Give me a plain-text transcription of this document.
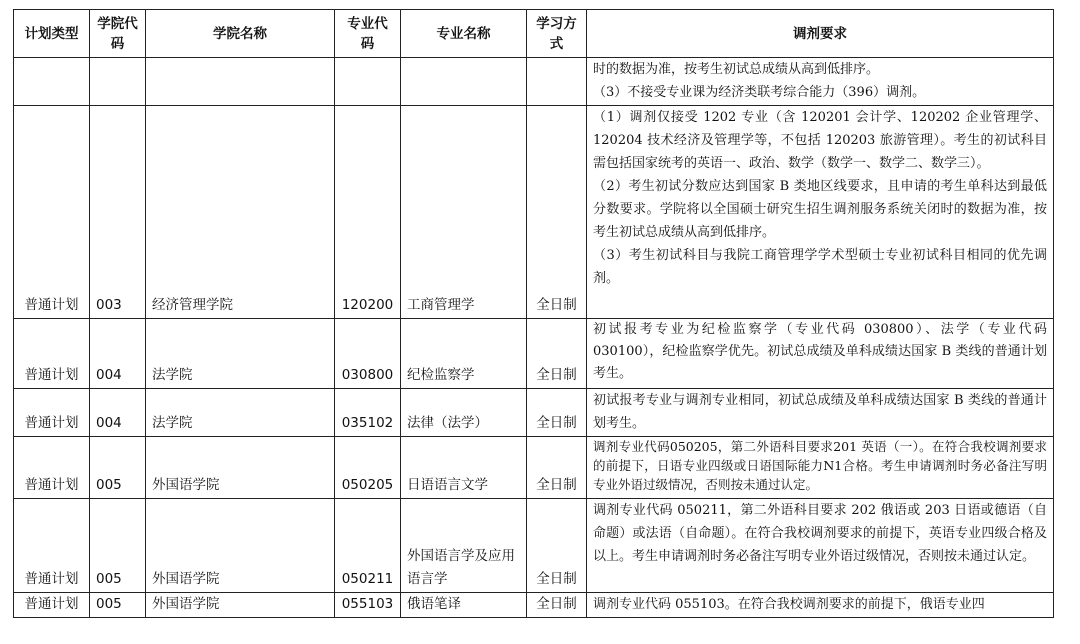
计划类型	学院代码	学院名称	专业代码	专业名称	学习方式	调剂要求

						时的数据为准，按考生初试总成绩从高到低排序。

（3）不接受专业课为经济类联考综合能力（396）调剂。

普通计划	003	经济管理学院	120200	工商管理学	全日制	（1）调剂仅接受 1202 专业（含 120201 会计学、120202 企业管理学、120204 技术经济及管理学等，不包括 120203 旅游管理）。考生的初试科目需包括国家统考的英语一、政治、数学（数学一、数学二、数学三）。

（2）考生初试分数应达到国家 B 类地区线要求，且申请的考生单科达到最低分数要求。学院将以全国硕士研究生招生调剂服务系统关闭时的数据为准，按考生初试总成绩从高到低排序。

（3）考生初试科目与我院工商管理学学术型硕士专业初试科目相同的优先调剂。

普通计划	004	法学院	030800	纪检监察学	全日制	初试报考专业为纪检监察学（专业代码 030800）、法学（专业代码 030100），纪检监察学优先。初试总成绩及单科成绩达国家 B 类线的普通计划考生。

普通计划	004	法学院	035102	法律（法学）	全日制	初试报考专业与调剂专业相同，初试总成绩及单科成绩达国家 B 类线的普通计划考生。

普通计划	005	外国语学院	050205	日语语言文学	全日制	调剂专业代码050205，第二外语科目要求201 英语（一）。在符合我校调剂要求的前提下，日语专业四级或日语国际能力N1合格。考生申请调剂时务必备注写明专业外语过级情况，否则按未通过认定。

普通计划	005	外国语学院	050211	外国语言学及应用语言学	全日制	调剂专业代码 050211，第二外语科目要求 202 俄语或 203 日语或德语（自命题）或法语（自命题）。在符合我校调剂要求的前提下，英语专业四级合格及以上。考生申请调剂时务必备注写明专业外语过级情况，否则按未通过认定。

普通计划	005	外国语学院	055103	俄语笔译	全日制	调剂专业代码 055103。在符合我校调剂要求的前提下，俄语专业四
